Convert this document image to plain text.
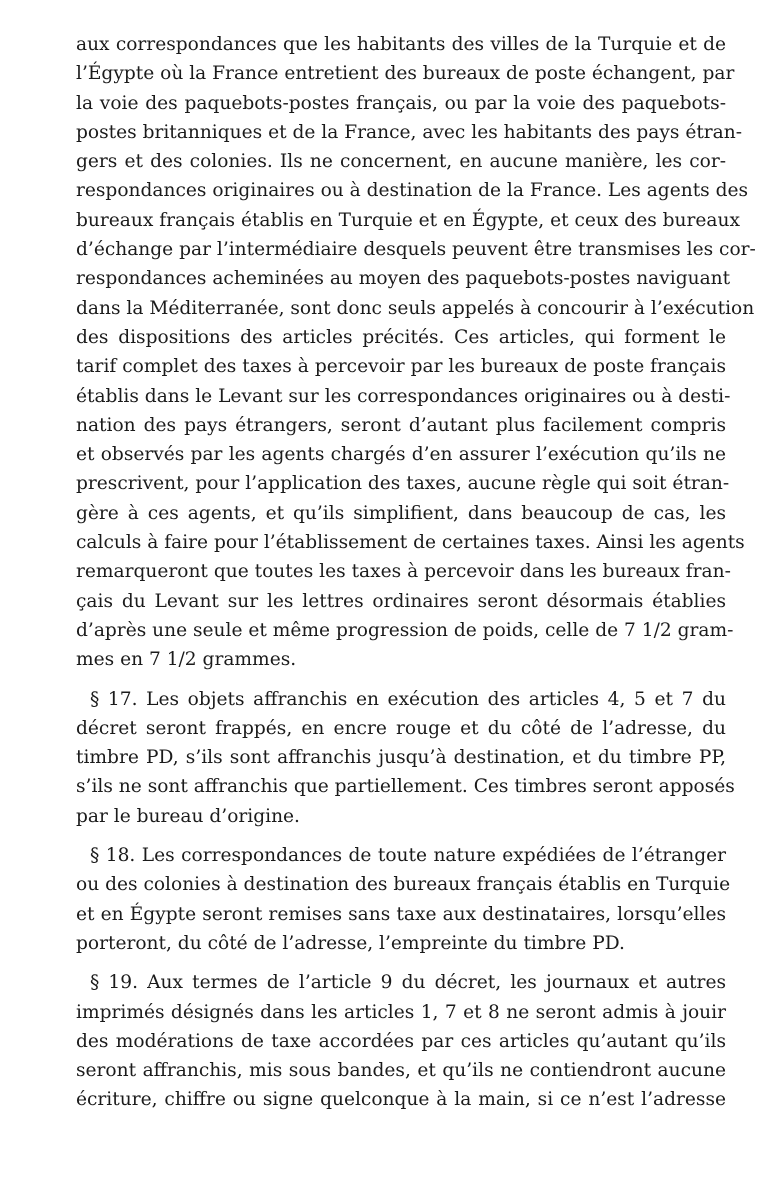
aux correspondances que les habitants des villes de la Turquie et de
l’Égypte où la France entretient des bureaux de poste échangent, par
la voie des paquebots-postes français, ou par la voie des paquebots-
postes britanniques et de la France, avec les habitants des pays étran-
gers et des colonies. Ils ne concernent, en aucune manière, les cor-
respondances originaires ou à destination de la France. Les agents des
bureaux français établis en Turquie et en Égypte, et ceux des bureaux
d’échange par l’intermédiaire desquels peuvent être transmises les cor-
respondances acheminées au moyen des paquebots-postes naviguant
dans la Méditerranée, sont donc seuls appelés à concourir à l’exécution
des dispositions des articles précités. Ces articles, qui forment le
tarif complet des taxes à percevoir par les bureaux de poste français
établis dans le Levant sur les correspondances originaires ou à desti-
nation des pays étrangers, seront d’autant plus facilement compris
et observés par les agents chargés d’en assurer l’exécution qu’ils ne
prescrivent, pour l’application des taxes, aucune règle qui soit étran-
gère à ces agents, et qu’ils simplifient, dans beaucoup de cas, les
calculs à faire pour l’établissement de certaines taxes. Ainsi les agents
remarqueront que toutes les taxes à percevoir dans les bureaux fran-
çais du Levant sur les lettres ordinaires seront désormais établies
d’après une seule et même progression de poids, celle de 7 1/2 gram-
mes en 7 1/2 grammes.
§ 17. Les objets affranchis en exécution des articles 4, 5 et 7 du
décret seront frappés, en encre rouge et du côté de l’adresse, du
timbre PD, s’ils sont affranchis jusqu’à destination, et du timbre PP,
s’ils ne sont affranchis que partiellement. Ces timbres seront apposés
par le bureau d’origine.
§ 18. Les correspondances de toute nature expédiées de l’étranger
ou des colonies à destination des bureaux français établis en Turquie
et en Égypte seront remises sans taxe aux destinataires, lorsqu’elles
porteront, du côté de l’adresse, l’empreinte du timbre PD.
§ 19. Aux termes de l’article 9 du décret, les journaux et autres
imprimés désignés dans les articles 1, 7 et 8 ne seront admis à jouir
des modérations de taxe accordées par ces articles qu’autant qu’ils
seront affranchis, mis sous bandes, et qu’ils ne contiendront aucune
écriture, chiffre ou signe quelconque à la main, si ce n’est l’adresse
